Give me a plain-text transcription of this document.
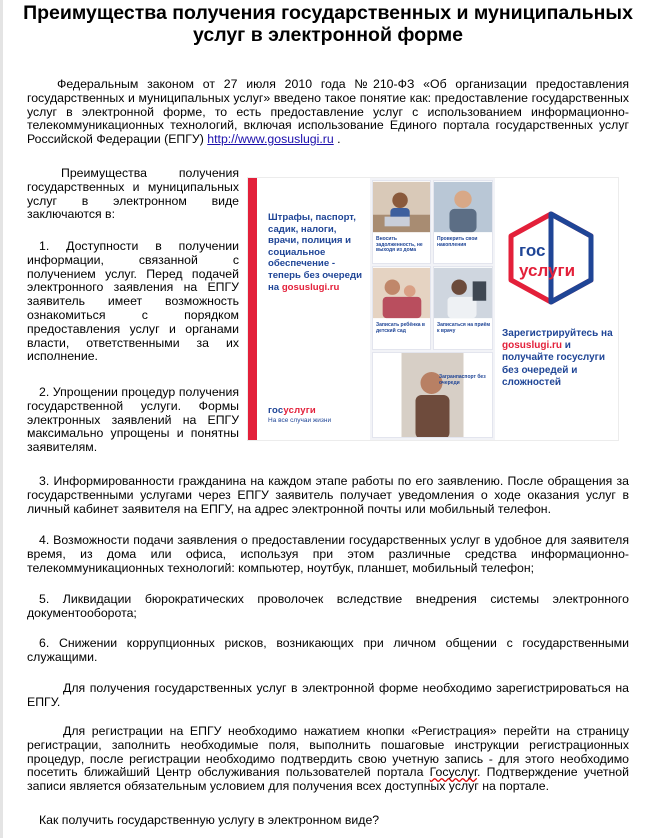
Преимущества получения государственных и муниципальных
услуг в электронной форме
Федеральным законом от 27 июля 2010 года №210-ФЗ «Об организации предоставления государственных и муниципальных услуг» введено такое понятие как: предоставление государственных услуг в электронной форме, то есть предоставление услуг с использованием информационно-телекоммуникационных технологий, включая использование Единого портала государственных услуг Российской Федерации (ЕПГУ) http://www.gosuslugi.ru .
Преимущества получения государственных и муниципальных услуг в электронном виде заключаются в:
1. Доступности в получении информации, связанной с получением услуг. Перед подачей электронного заявления на ЕПГУ заявитель имеет возможность ознакомиться с порядком предоставления услуг и органами власти, ответственными за их исполнение.
2. Упрощении процедур получения государственной услуги. Формы электронных заявлений на ЕПГУ максимально упрощены и понятны заявителям.
3. Информированности гражданина на каждом этапе работы по его заявлению. После обращения за государственными услугами через ЕПГУ заявитель получает уведомления о ходе оказания услуг в личный кабинет заявителя на ЕПГУ, на адрес электронной почты или мобильный телефон.
4. Возможности подачи заявления о предоставлении государственных услуг в удобное для заявителя время, из дома или офиса, используя при этом различные средства информационно-телекоммуникационных технологий: компьютер, ноутбук, планшет, мобильный телефон;
5. Ликвидации бюрократических проволочек вследствие внедрения системы электронного документооборота;
6. Снижении коррупционных рисков, возникающих при личном общении с государственными служащими.
Для получения государственных услуг в электронной форме необходимо зарегистрироваться на ЕПГУ.
Для регистрации на ЕПГУ необходимо нажатием кнопки «Регистрация» перейти на страницу регистрации, заполнить необходимые поля, выполнить пошаговые инструкции регистрационных процедур, после регистрации необходимо подтвердить свою учетную запись - для этого необходимо посетить ближайший Центр обслуживания пользователей портала Госуслуг. Подтверждение учетной записи является обязательным условием для получения всех доступных услуг на портале.
Как получить государственную услугу в электронном виде?
Штрафы, паспорт, садик, налоги, врачи, полиция и социальное обеспечение - теперь без очереди на gosuslugi.ru
госуслуги
На все случаи жизни
Вносить задолженность, не выходя из дома
Проверить свои накопления
Записать ребёнка в детский сад
Записаться на приём к врачу
Загранпаспорт без очереди
гос
услуги
Зарегистрируйтесь на gosuslugi.ru и получайте госуслуги без очередей и сложностей
